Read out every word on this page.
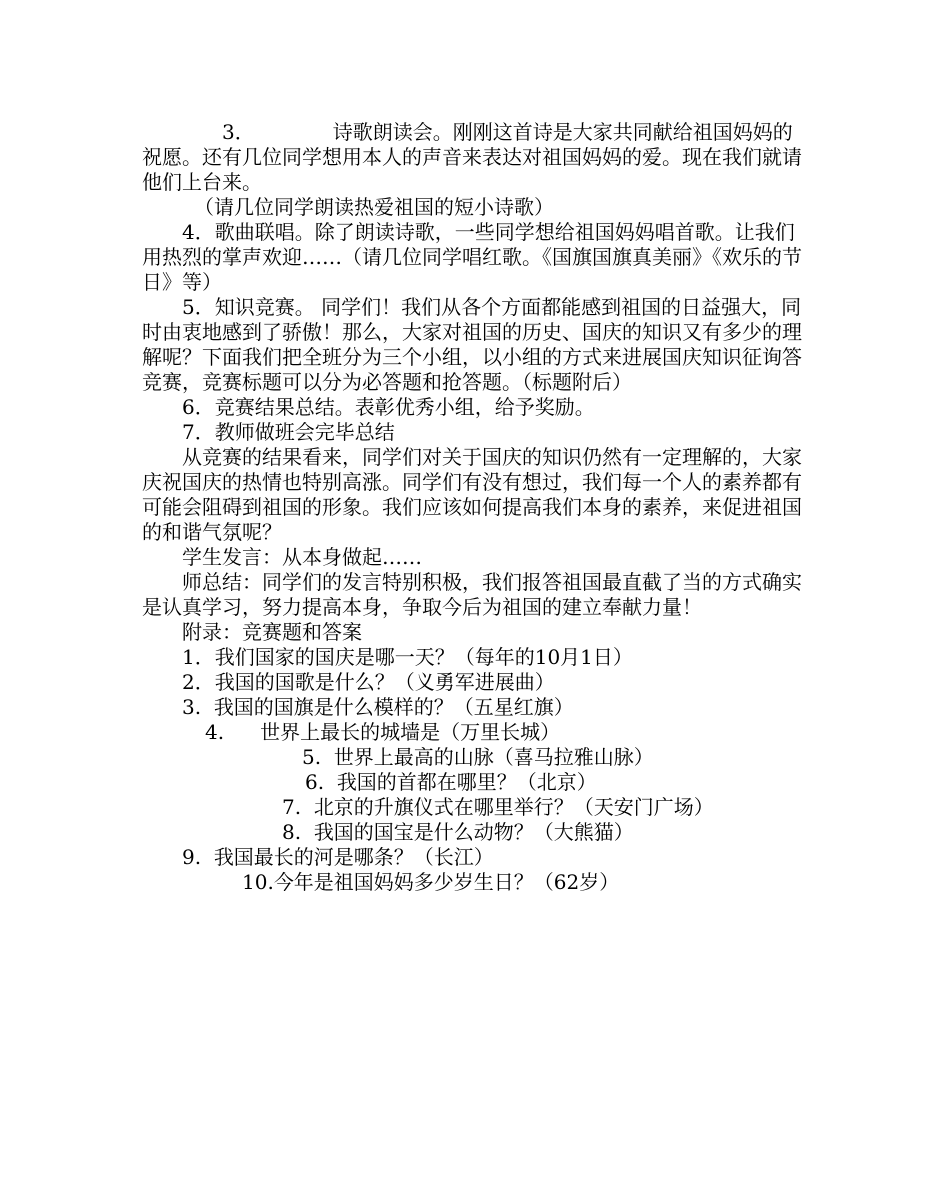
3．	诗歌朗读会。刚刚这首诗是大家共同献给祖国妈妈的祝愿。还有几位同学想用本人的声音来表达对祖国妈妈的爱。现在我们就请他们上台来。

（请几位同学朗读热爱祖国的短小诗歌）

4．歌曲联唱。除了朗读诗歌，一些同学想给祖国妈妈唱首歌。让我们用热烈的掌声欢迎……（请几位同学唱红歌。《国旗国旗真美丽》《欢乐的节日》等）

5．知识竞赛。 同学们！我们从各个方面都能感到祖国的日益强大，同时由衷地感到了骄傲！那么，大家对祖国的历史、国庆的知识又有多少的理解呢？下面我们把全班分为三个小组，以小组的方式来进展国庆知识征询答竞赛，竞赛标题可以分为必答题和抢答题。（标题附后）

6．竞赛结果总结。表彰优秀小组，给予奖励。

7．教师做班会完毕总结

从竞赛的结果看来，同学们对关于国庆的知识仍然有一定理解的，大家庆祝国庆的热情也特别高涨。同学们有没有想过，我们每一个人的素养都有可能会阻碍到祖国的形象。我们应该如何提高我们本身的素养，来促进祖国的和谐气氛呢？

学生发言：从本身做起……

师总结：同学们的发言特别积极，我们报答祖国最直截了当的方式确实是认真学习，努力提高本身，争取今后为祖国的建立奉献力量！

附录：竞赛题和答案

1．我们国家的国庆是哪一天？（每年的10月1日）
2．我国的国歌是什么？（义勇军进展曲）
3. 我国的国旗是什么模样的？（五星红旗）
4. 世界上最长的城墙是（万里长城）
5. 世界上最高的山脉（喜马拉雅山脉）
6. 我国的首都在哪里？（北京）
7. 北京的升旗仪式在哪里举行？（天安门广场）
8. 我国的国宝是什么动物？（大熊猫）
9. 我国最长的河是哪条？（长江）
10.今年是祖国妈妈多少岁生日？（62岁）
